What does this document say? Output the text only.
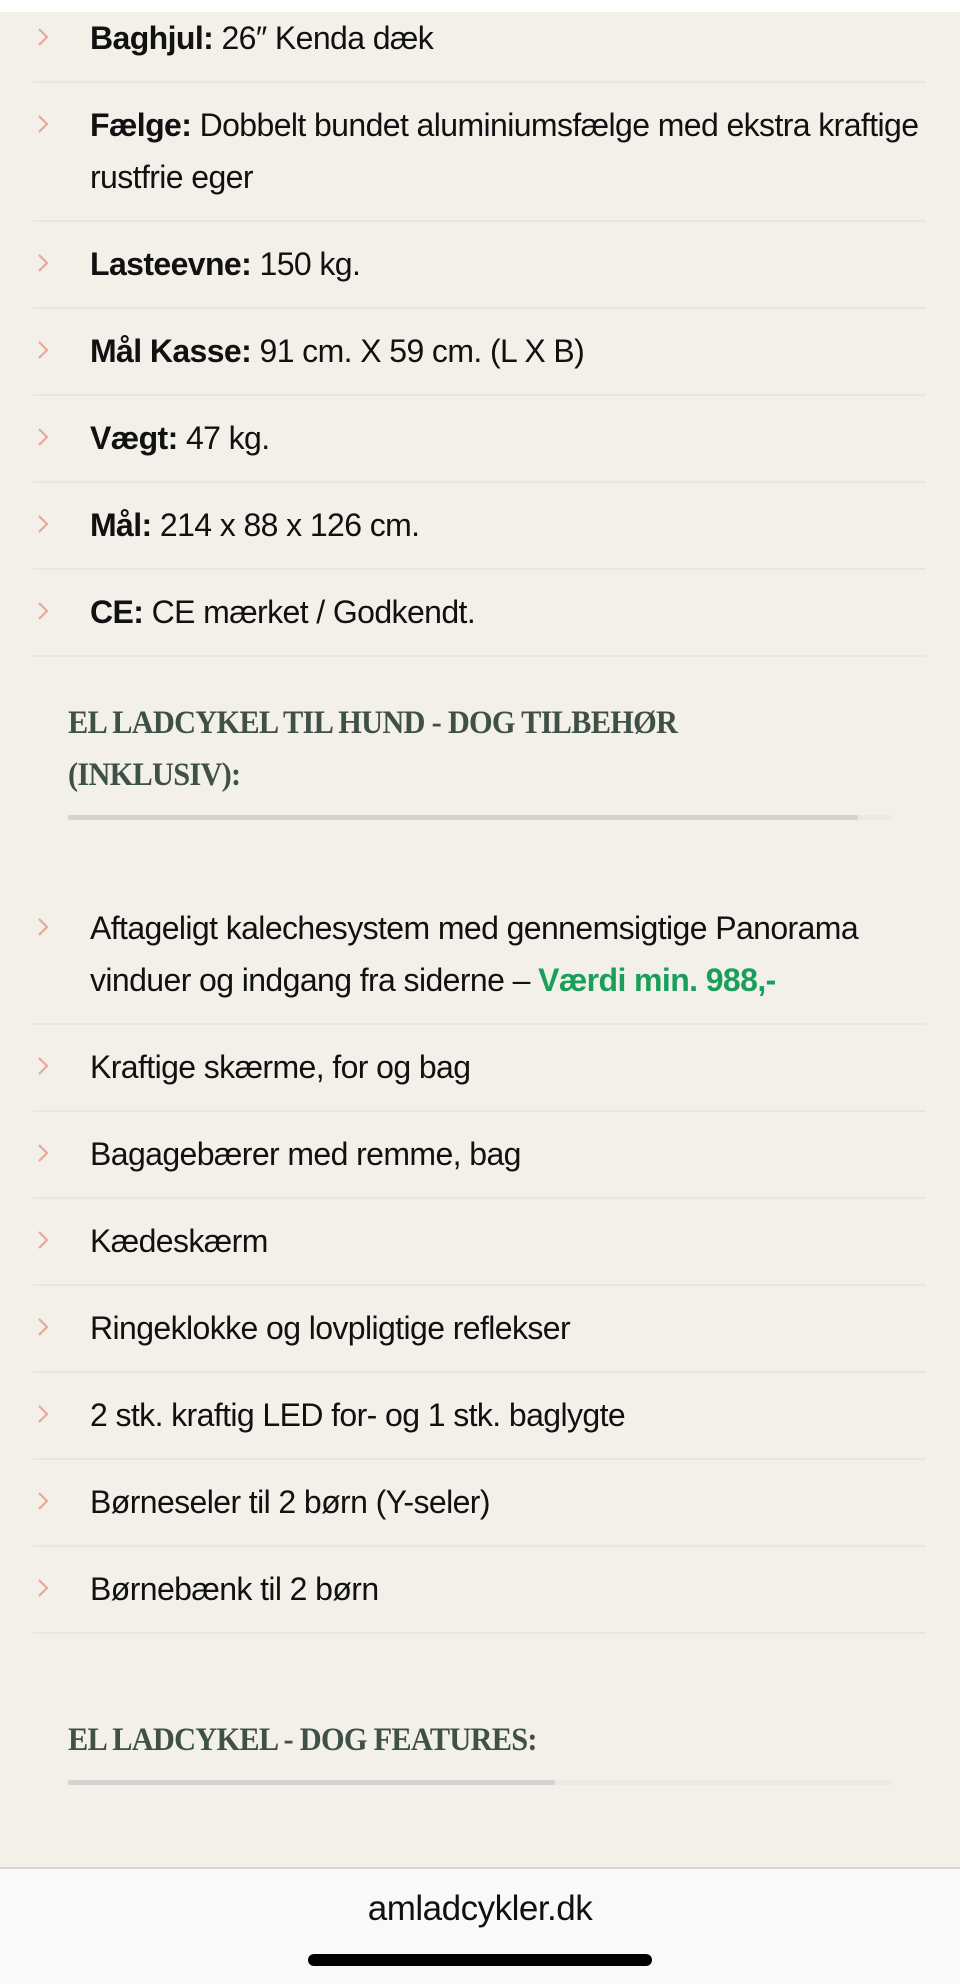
Baghjul: 26″ Kenda dæk
Fælge: Dobbelt bundet aluminiumsfælge med ekstra kraftige rustfrie eger
Lasteevne: 150 kg.
Mål Kasse: 91 cm. X 59 cm. (L X B)
Vægt: 47 kg.
Mål: 214 x 88 x 126 cm.
CE: CE mærket / Godkendt.
EL LADCYKEL TIL HUND - DOG TILBEHØR (INKLUSIV):
Aftageligt kalechesystem med gennemsigtige Panorama vinduer og indgang fra siderne – Værdi min. 988,-
Kraftige skærme, for og bag
Bagagebærer med remme, bag
Kædeskærm
Ringeklokke og lovpligtige reflekser
2 stk. kraftig LED for- og 1 stk. baglygte
Børneseler til 2 børn (Y-seler)
Børnebænk til 2 børn
EL LADCYKEL - DOG FEATURES:
amladcykler.dk
